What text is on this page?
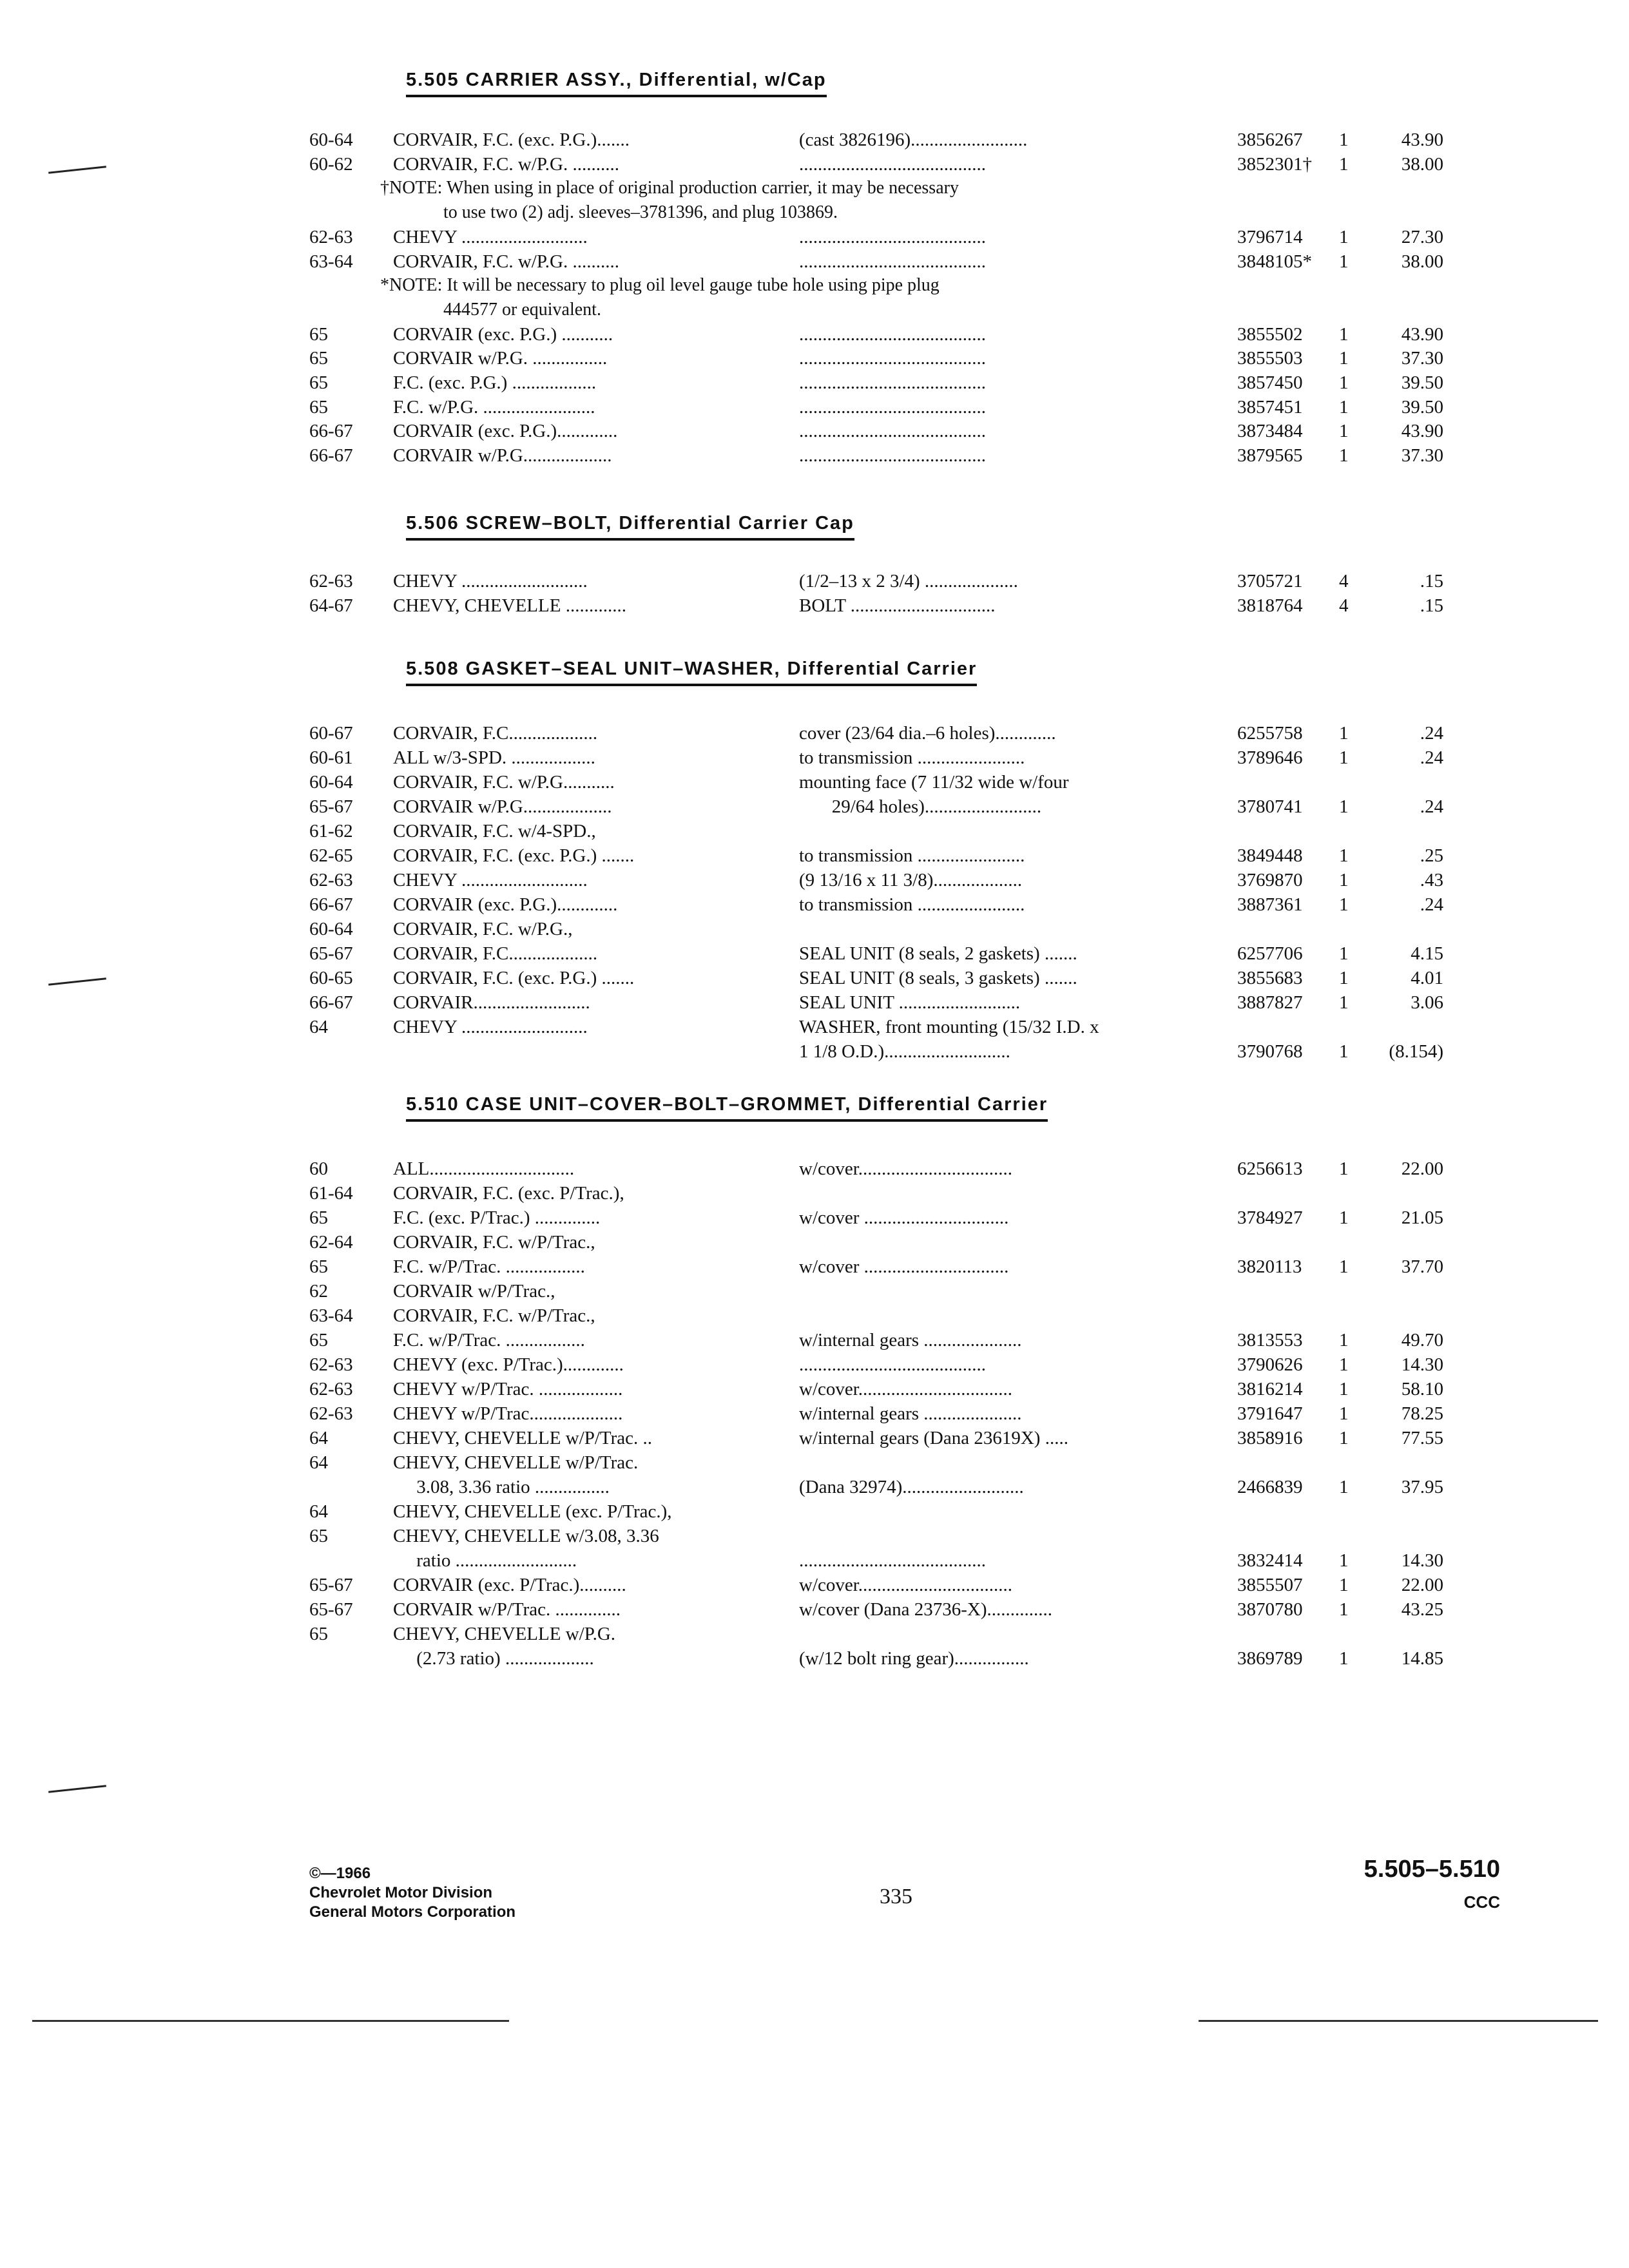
5.505 CARRIER ASSY., Differential, w/Cap
60-64 CORVAIR, F.C. (exc. P.G.).......	(cast 3826196).........................	3856267 1	43.90
60-62 CORVAIR, F.C. w/P.G. ..........	........................................	3852301† 1	38.00
†NOTE: When using in place of original production carrier, it may be necessary
to use two (2) adj. sleeves–3781396, and plug 103869.
62-63 CHEVY ...........................	........................................	3796714 1	27.30
63-64 CORVAIR, F.C. w/P.G. ..........	........................................	3848105* 1	38.00
*NOTE: It will be necessary to plug oil level gauge tube hole using pipe plug
444577 or equivalent.
65	CORVAIR (exc. P.G.) ...........	........................................	3855502 1	43.90
65	CORVAIR w/P.G. ................	........................................	3855503 1	37.30
65	F.C. (exc. P.G.) ..................	........................................	3857450 1	39.50
65	F.C. w/P.G. ........................	........................................	3857451 1	39.50
66-67 CORVAIR (exc. P.G.).............	........................................	3873484 1	43.90
66-67 CORVAIR w/P.G...................	........................................	3879565 1	37.30
5.506 SCREW–BOLT, Differential Carrier Cap
62-63 CHEVY ...........................	(1/2–13 x 2 3/4) ....................	3705721 4	.15
64-67 CHEVY, CHEVELLE .............	BOLT ...............................	3818764 4	.15
5.508 GASKET–SEAL UNIT–WASHER, Differential Carrier
60-67 CORVAIR, F.C...................	cover (23/64 dia.–6 holes).............	6255758 1	.24
60-61 ALL w/3-SPD. ..................	to transmission .......................	3789646 1	.24
60-64 CORVAIR, F.C. w/P.G...........	mounting face (7 11/32 wide w/four
65-67 CORVAIR w/P.G...................	29/64 holes).........................	3780741 1	.24
61-62 CORVAIR, F.C. w/4-SPD.,
62-65 CORVAIR, F.C. (exc. P.G.) .......	to transmission .......................	3849448 1	.25
62-63 CHEVY ...........................	(9 13/16 x 11 3/8)...................	3769870 1	.43
66-67 CORVAIR (exc. P.G.).............	to transmission .......................	3887361 1	.24
60-64 CORVAIR, F.C. w/P.G.,
65-67 CORVAIR, F.C...................	SEAL UNIT (8 seals, 2 gaskets) .......	6257706 1	4.15
60-65 CORVAIR, F.C. (exc. P.G.) .......	SEAL UNIT (8 seals, 3 gaskets) .......	3855683 1	4.01
66-67 CORVAIR.........................	SEAL UNIT ..........................	3887827 1	3.06
64	CHEVY ...........................	WASHER, front mounting (15/32 I.D. x
1 1/8 O.D.)...........................	3790768 1 (8.154)
5.510 CASE UNIT–COVER–BOLT–GROMMET, Differential Carrier
60	ALL...............................	w/cover.................................	6256613 1	22.00
61-64 CORVAIR, F.C. (exc. P/Trac.),
65	F.C. (exc. P/Trac.) ..............	w/cover ...............................	3784927 1	21.05
62-64 CORVAIR, F.C. w/P/Trac.,
65	F.C. w/P/Trac. .................	w/cover ...............................	3820113 1	37.70
62	CORVAIR w/P/Trac.,
63-64 CORVAIR, F.C. w/P/Trac.,
65	F.C. w/P/Trac. .................	w/internal gears .....................	3813553 1	49.70
62-63 CHEVY (exc. P/Trac.).............	........................................	3790626 1	14.30
62-63 CHEVY w/P/Trac. ..................	w/cover.................................	3816214 1	58.10
62-63 CHEVY w/P/Trac....................	w/internal gears .....................	3791647 1	78.25
64	CHEVY, CHEVELLE w/P/Trac. ..	w/internal gears (Dana 23619X) .....	3858916 1	77.55
64	CHEVY, CHEVELLE w/P/Trac.
3.08, 3.36 ratio ................	(Dana 32974)..........................	2466839 1	37.95
64	CHEVY, CHEVELLE (exc. P/Trac.),
65	CHEVY, CHEVELLE w/3.08, 3.36
ratio ..........................	........................................	3832414 1	14.30
65-67 CORVAIR (exc. P/Trac.)..........	w/cover.................................	3855507 1	22.00
65-67 CORVAIR w/P/Trac. ..............	w/cover (Dana 23736-X)..............	3870780 1	43.25
65	CHEVY, CHEVELLE w/P.G.
(2.73 ratio) ...................	(w/12 bolt ring gear)................	3869789 1	14.85
©—1966
Chevrolet Motor Division
General Motors Corporation
335
5.505–5.510
CCC
